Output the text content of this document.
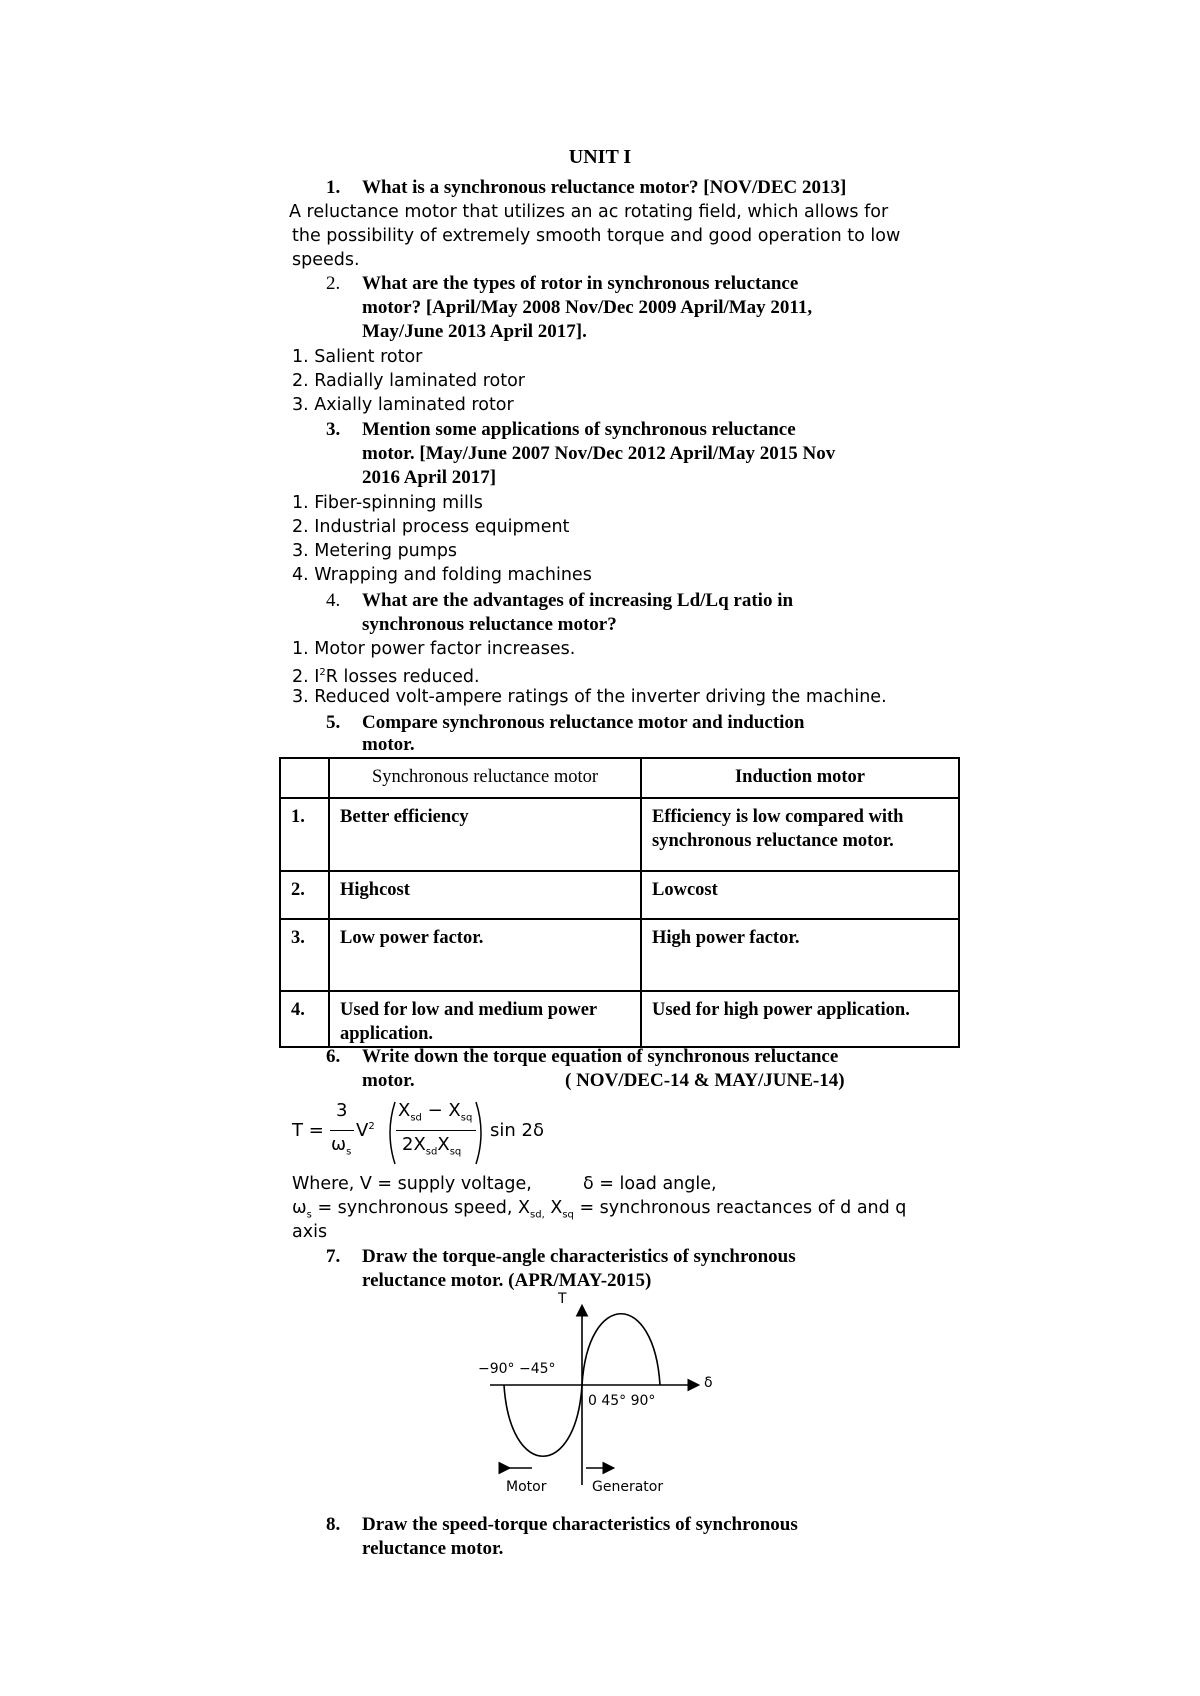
UNIT I
1. What is a synchronous reluctance motor? [NOV/DEC 2013]
A reluctance motor that utilizes an ac rotating field, which allows for
the possibility of extremely smooth torque and good operation to low
speeds.
2. What are the types of rotor in synchronous reluctance
motor? [April/May 2008 Nov/Dec 2009 April/May 2011,
May/June 2013 April 2017].
1. Salient rotor
2. Radially laminated rotor
3. Axially laminated rotor
3. Mention some applications of synchronous reluctance
motor. [May/June 2007 Nov/Dec 2012 April/May 2015 Nov
2016 April 2017]
1. Fiber-spinning mills
2. Industrial process equipment
3. Metering pumps
4. Wrapping and folding machines
4. What are the advantages of increasing Ld/Lq ratio in
synchronous reluctance motor?
1. Motor power factor increases.
2. $I^2R$ losses reduced.
3. Reduced volt-ampere ratings of the inverter driving the machine.
5. Compare synchronous reluctance motor and induction
motor.
	Synchronous reluctance motor	Induction motor
1.	Better efficiency	Efficiency is low compared with synchronous reluctance motor.
2.	Highcost	Lowcost
3.	Low power factor.	High power factor.
4.	Used for low and medium power application.	Used for high power application.
6. Write down the torque equation of synchronous reluctance
motor.	( NOV/DEC-14 & MAY/JUNE-14)
T =
3
$\omega_s$
$V^2$
$X_{sd} - X_{sq}$
$2X_{sd}X_{sq}$
sin 2δ
Where, V = supply voltage,	δ = load angle,
$\omega_s$ = synchronous speed, $X_{sd,}$ $X_{sq}$ = synchronous reactances of d and q
axis
7. Draw the torque-angle characteristics of synchronous
reluctance motor. (APR/MAY-2015)
T
δ
−90° −45°
0 45° 90°
Motor	Generator
8. Draw the speed-torque characteristics of synchronous
reluctance motor.
